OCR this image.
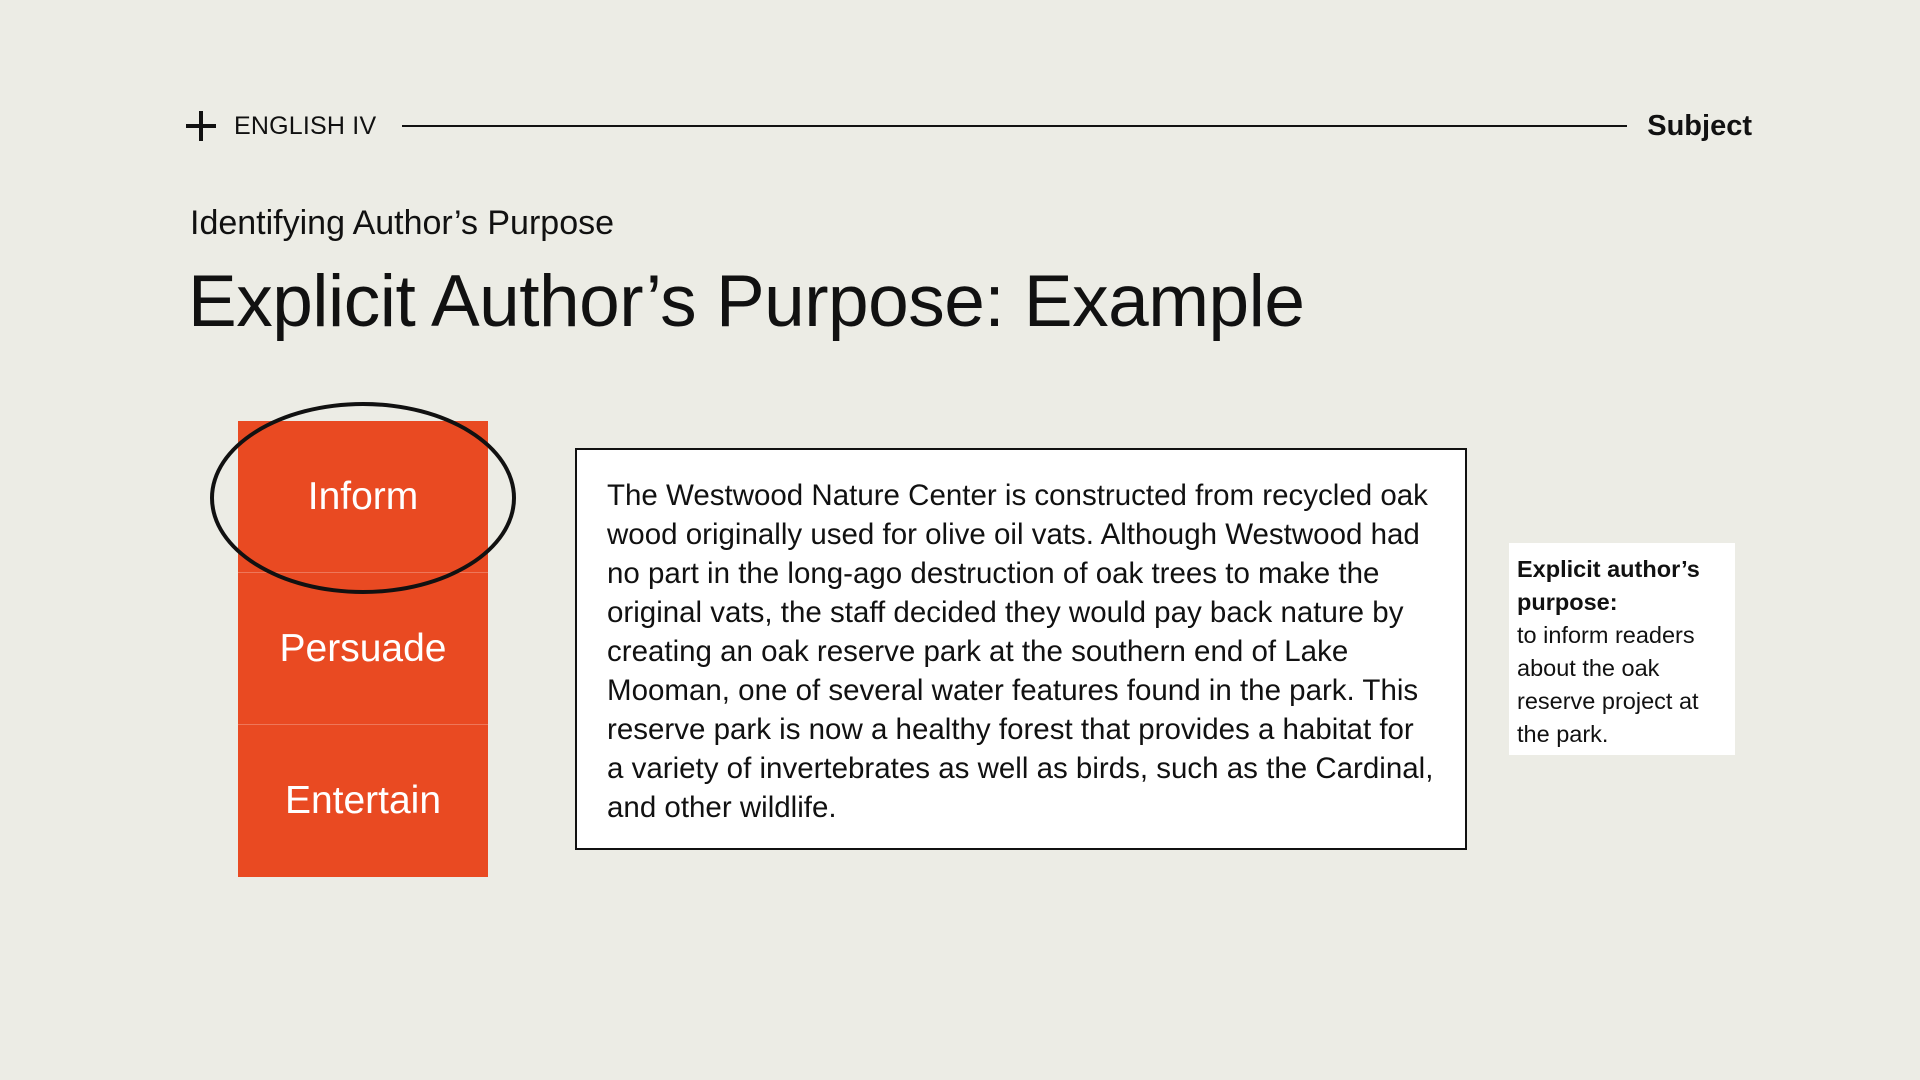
ENGLISH IV	Subject
Identifying Author’s Purpose
Explicit Author’s Purpose: Example
Inform
Persuade
Entertain

The Westwood Nature Center is constructed from recycled oak wood originally used for olive oil vats. Although Westwood had no part in the long-ago destruction of oak trees to make the original vats, the staff decided they would pay back nature by creating an oak reserve park at the southern end of Lake Mooman, one of several water features found in the park. This reserve park is now a healthy forest that provides a habitat for a variety of invertebrates as well as birds, such as the Cardinal, and other wildlife.

Explicit author’s purpose:
to inform readers about the oak reserve project at the park.
